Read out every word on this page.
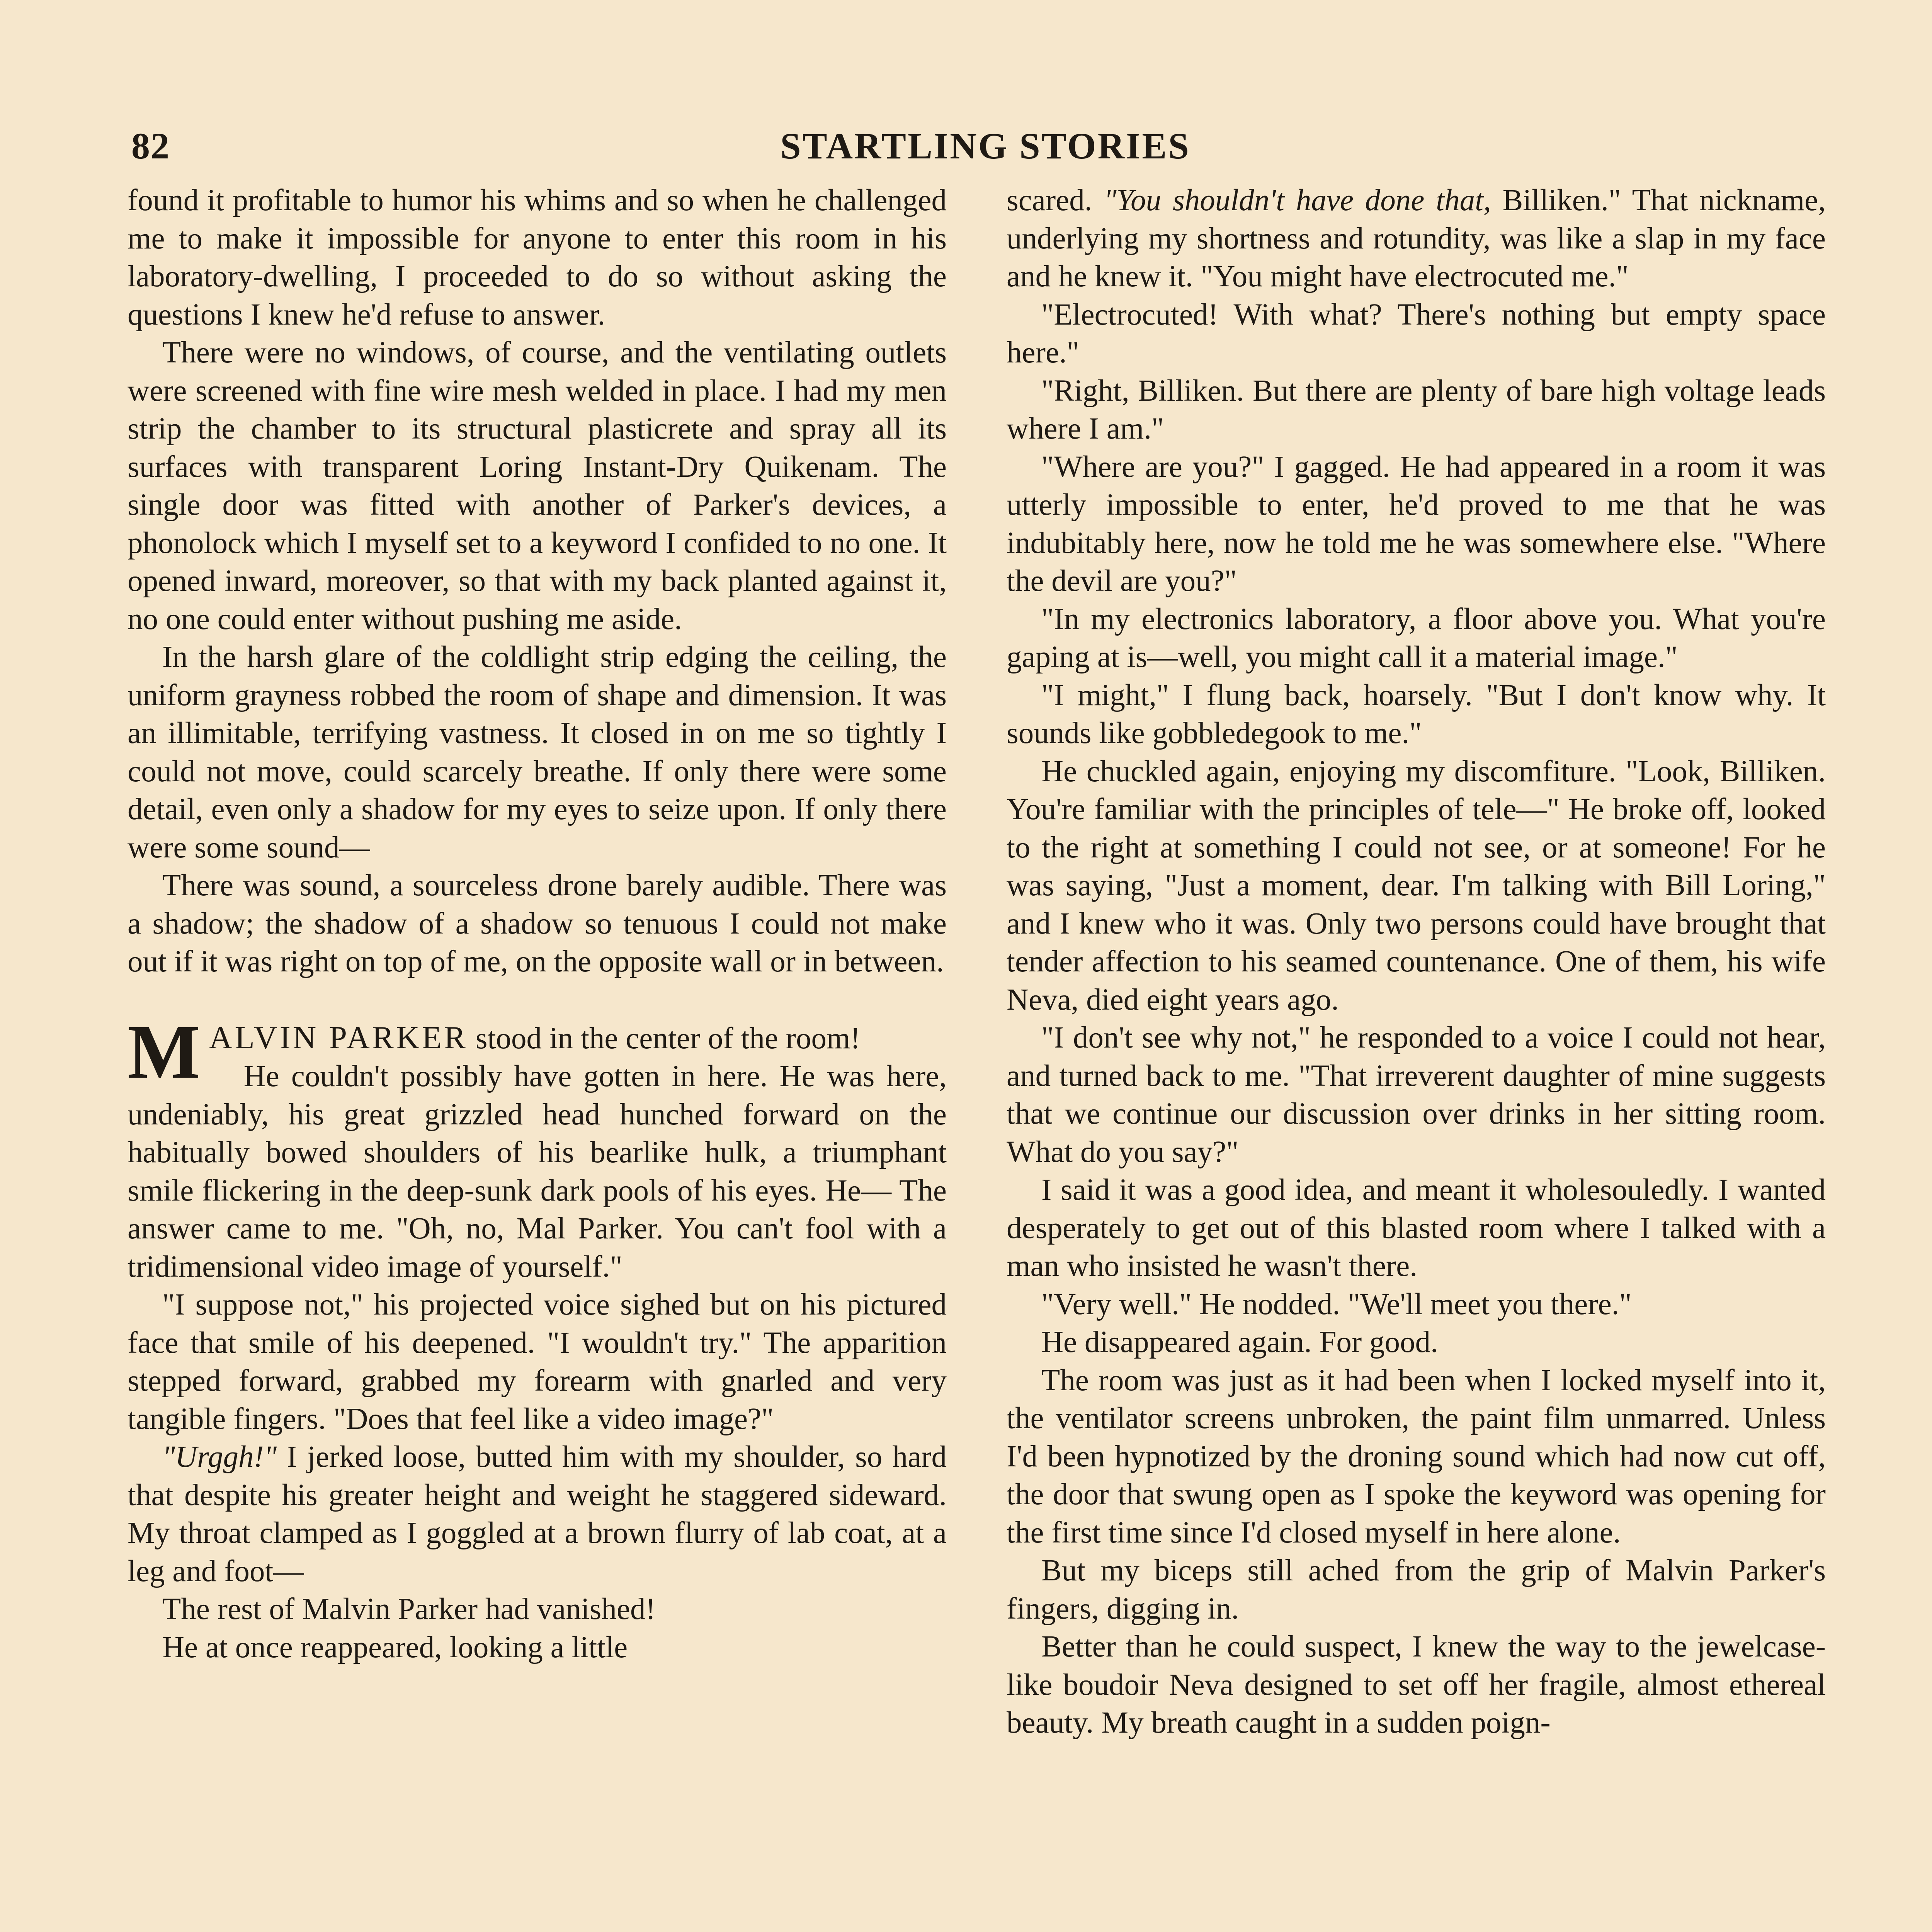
82	STARTLING STORIES

found it profitable to humor his whims and so when he challenged me to make it impossible for anyone to enter this room in his laboratory-dwelling, I proceeded to do so without asking the questions I knew he'd refuse to answer.

There were no windows, of course, and the ventilating outlets were screened with fine wire mesh welded in place. I had my men strip the chamber to its structural plasticrete and spray all its surfaces with transparent Loring Instant-Dry Quikenam. The single door was fitted with another of Parker's devices, a phonolock which I myself set to a keyword I confided to no one. It opened inward, moreover, so that with my back planted against it, no one could enter without pushing me aside.

In the harsh glare of the coldlight strip edging the ceiling, the uniform grayness robbed the room of shape and dimension. It was an illimitable, terrifying vastness. It closed in on me so tightly I could not move, could scarcely breathe. If only there were some detail, even only a shadow for my eyes to seize upon. If only there were some sound—

There was sound, a sourceless drone barely audible. There was a shadow; the shadow of a shadow so tenuous I could not make out if it was right on top of me, on the opposite wall or in between.

MALVIN PARKER stood in the center of the room!

He couldn't possibly have gotten in here. He was here, undeniably, his great grizzled head hunched forward on the habitually bowed shoulders of his bearlike hulk, a triumphant smile flickering in the deep-sunk dark pools of his eyes. He— The answer came to me. "Oh, no, Mal Parker. You can't fool with a tridimensional video image of yourself."

"I suppose not," his projected voice sighed but on his pictured face that smile of his deepened. "I wouldn't try." The apparition stepped forward, grabbed my forearm with gnarled and very tangible fingers. "Does that feel like a video image?"

"Urggh!" I jerked loose, butted him with my shoulder, so hard that despite his greater height and weight he staggered sideward. My throat clamped as I goggled at a brown flurry of lab coat, at a leg and foot—

The rest of Malvin Parker had vanished!

He at once reappeared, looking a little

scared. "You shouldn't have done that, Billiken." That nickname, underlying my shortness and rotundity, was like a slap in my face and he knew it. "You might have electrocuted me."

"Electrocuted! With what? There's nothing but empty space here."

"Right, Billiken. But there are plenty of bare high voltage leads where I am."

"Where are you?" I gagged. He had appeared in a room it was utterly impossible to enter, he'd proved to me that he was indubitably here, now he told me he was somewhere else. "Where the devil are you?"

"In my electronics laboratory, a floor above you. What you're gaping at is—well, you might call it a material image."

"I might," I flung back, hoarsely. "But I don't know why. It sounds like gobbledegook to me."

He chuckled again, enjoying my discomfiture. "Look, Billiken. You're familiar with the principles of tele—" He broke off, looked to the right at something I could not see, or at someone! For he was saying, "Just a moment, dear. I'm talking with Bill Loring," and I knew who it was. Only two persons could have brought that tender affection to his seamed countenance. One of them, his wife Neva, died eight years ago.

"I don't see why not," he responded to a voice I could not hear, and turned back to me. "That irreverent daughter of mine suggests that we continue our discussion over drinks in her sitting room. What do you say?"

I said it was a good idea, and meant it wholesouledly. I wanted desperately to get out of this blasted room where I talked with a man who insisted he wasn't there.

"Very well." He nodded. "We'll meet you there."

He disappeared again. For good.

The room was just as it had been when I locked myself into it, the ventilator screens unbroken, the paint film unmarred. Unless I'd been hypnotized by the droning sound which had now cut off, the door that swung open as I spoke the keyword was opening for the first time since I'd closed myself in here alone.

But my biceps still ached from the grip of Malvin Parker's fingers, digging in.

Better than he could suspect, I knew the way to the jewelcase-like boudoir Neva designed to set off her fragile, almost ethereal beauty. My breath caught in a sudden poign-
